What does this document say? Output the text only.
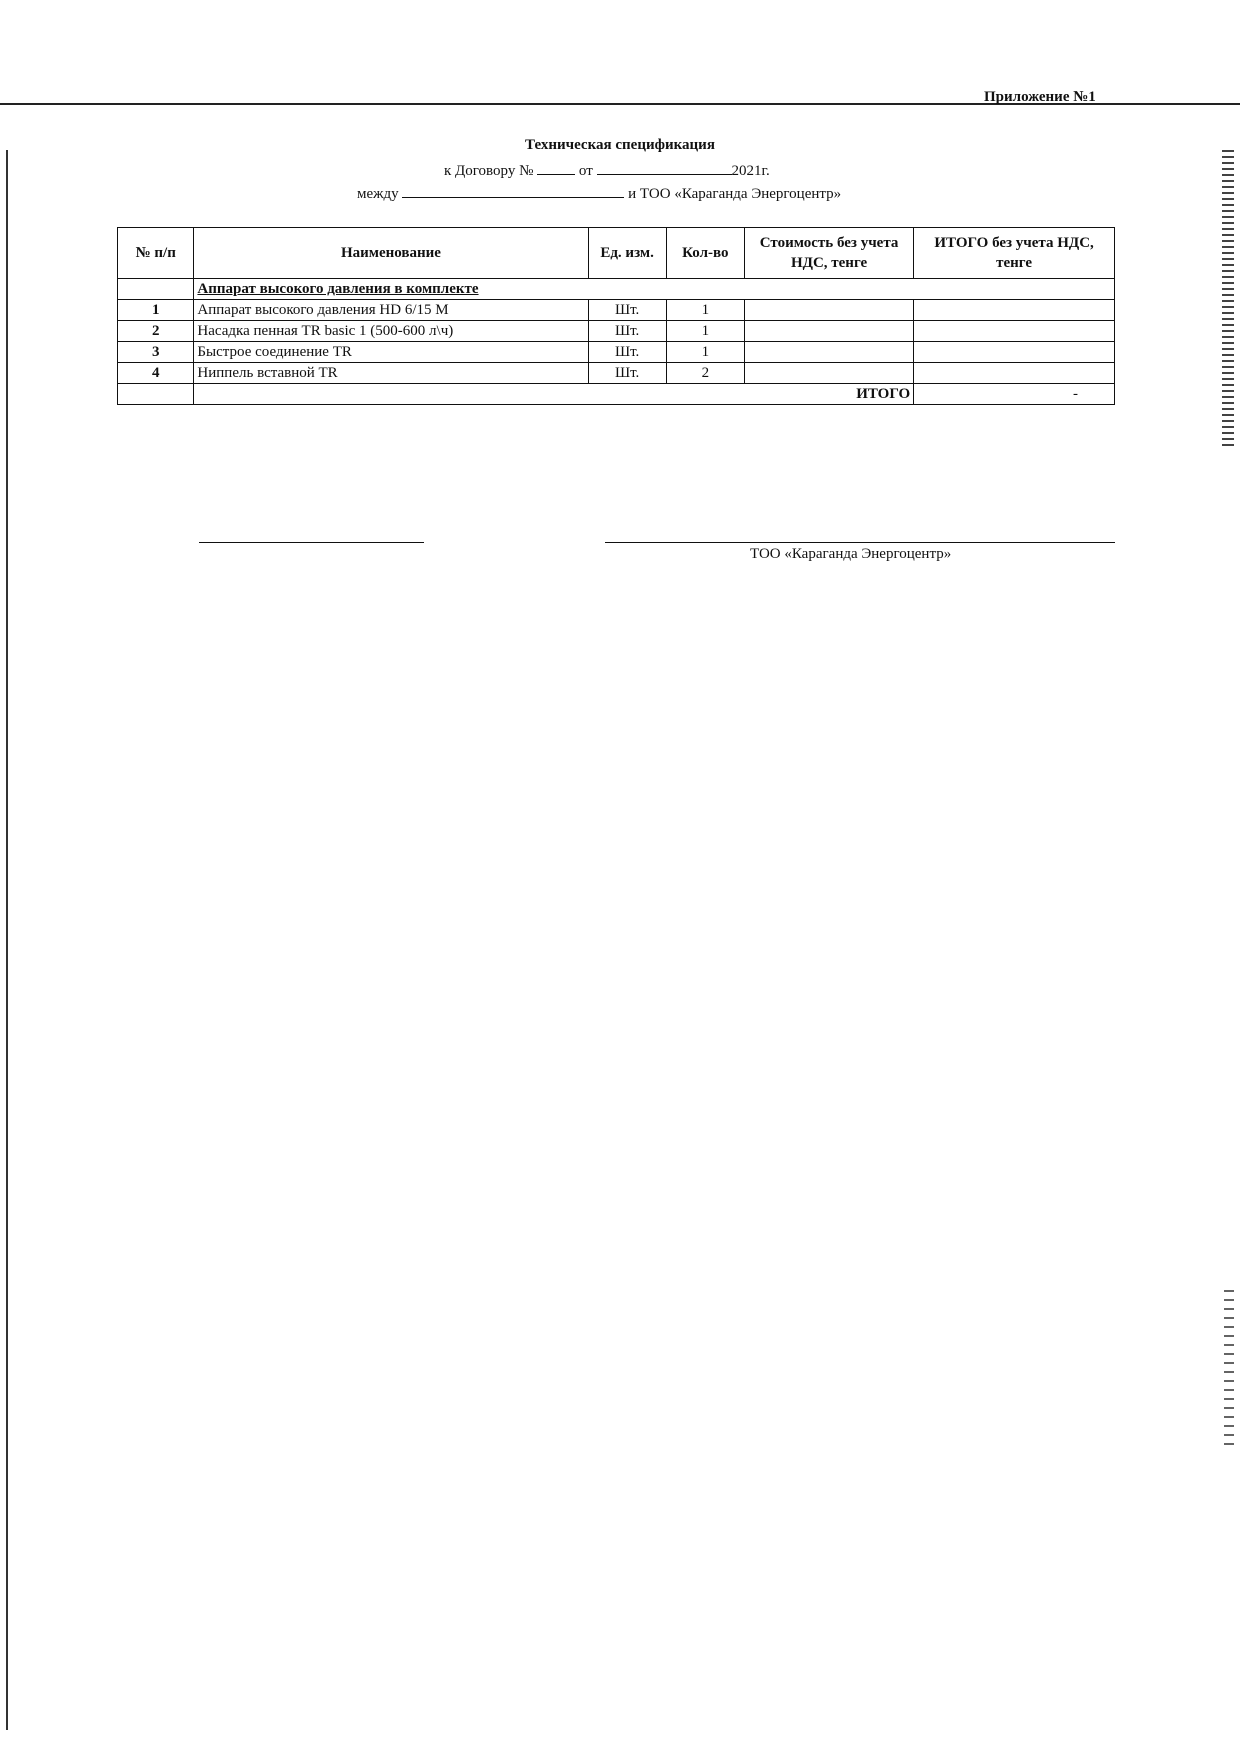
Приложение №1
Техническая спецификация
к Договору №	от	2021г.
между	и ТОО «Караганда Энергоцентр»
№ п/п	Наименование	Ед. изм.	Кол-во	Стоимость без учета НДС, тенге	ИТОГО без учета НДС, тенге
	Аппарат высокого давления в комплекте				
1	Аппарат высокого давления HD 6/15 M	Шт.	1		
2	Насадка пенная TR basic 1 (500-600 л\ч)	Шт.	1		
3	Быстрое соединение TR	Шт.	1		
4	Ниппель вставной TR	Шт.	2		
	ИТОГО				-
ТОО «Караганда Энергоцентр»
